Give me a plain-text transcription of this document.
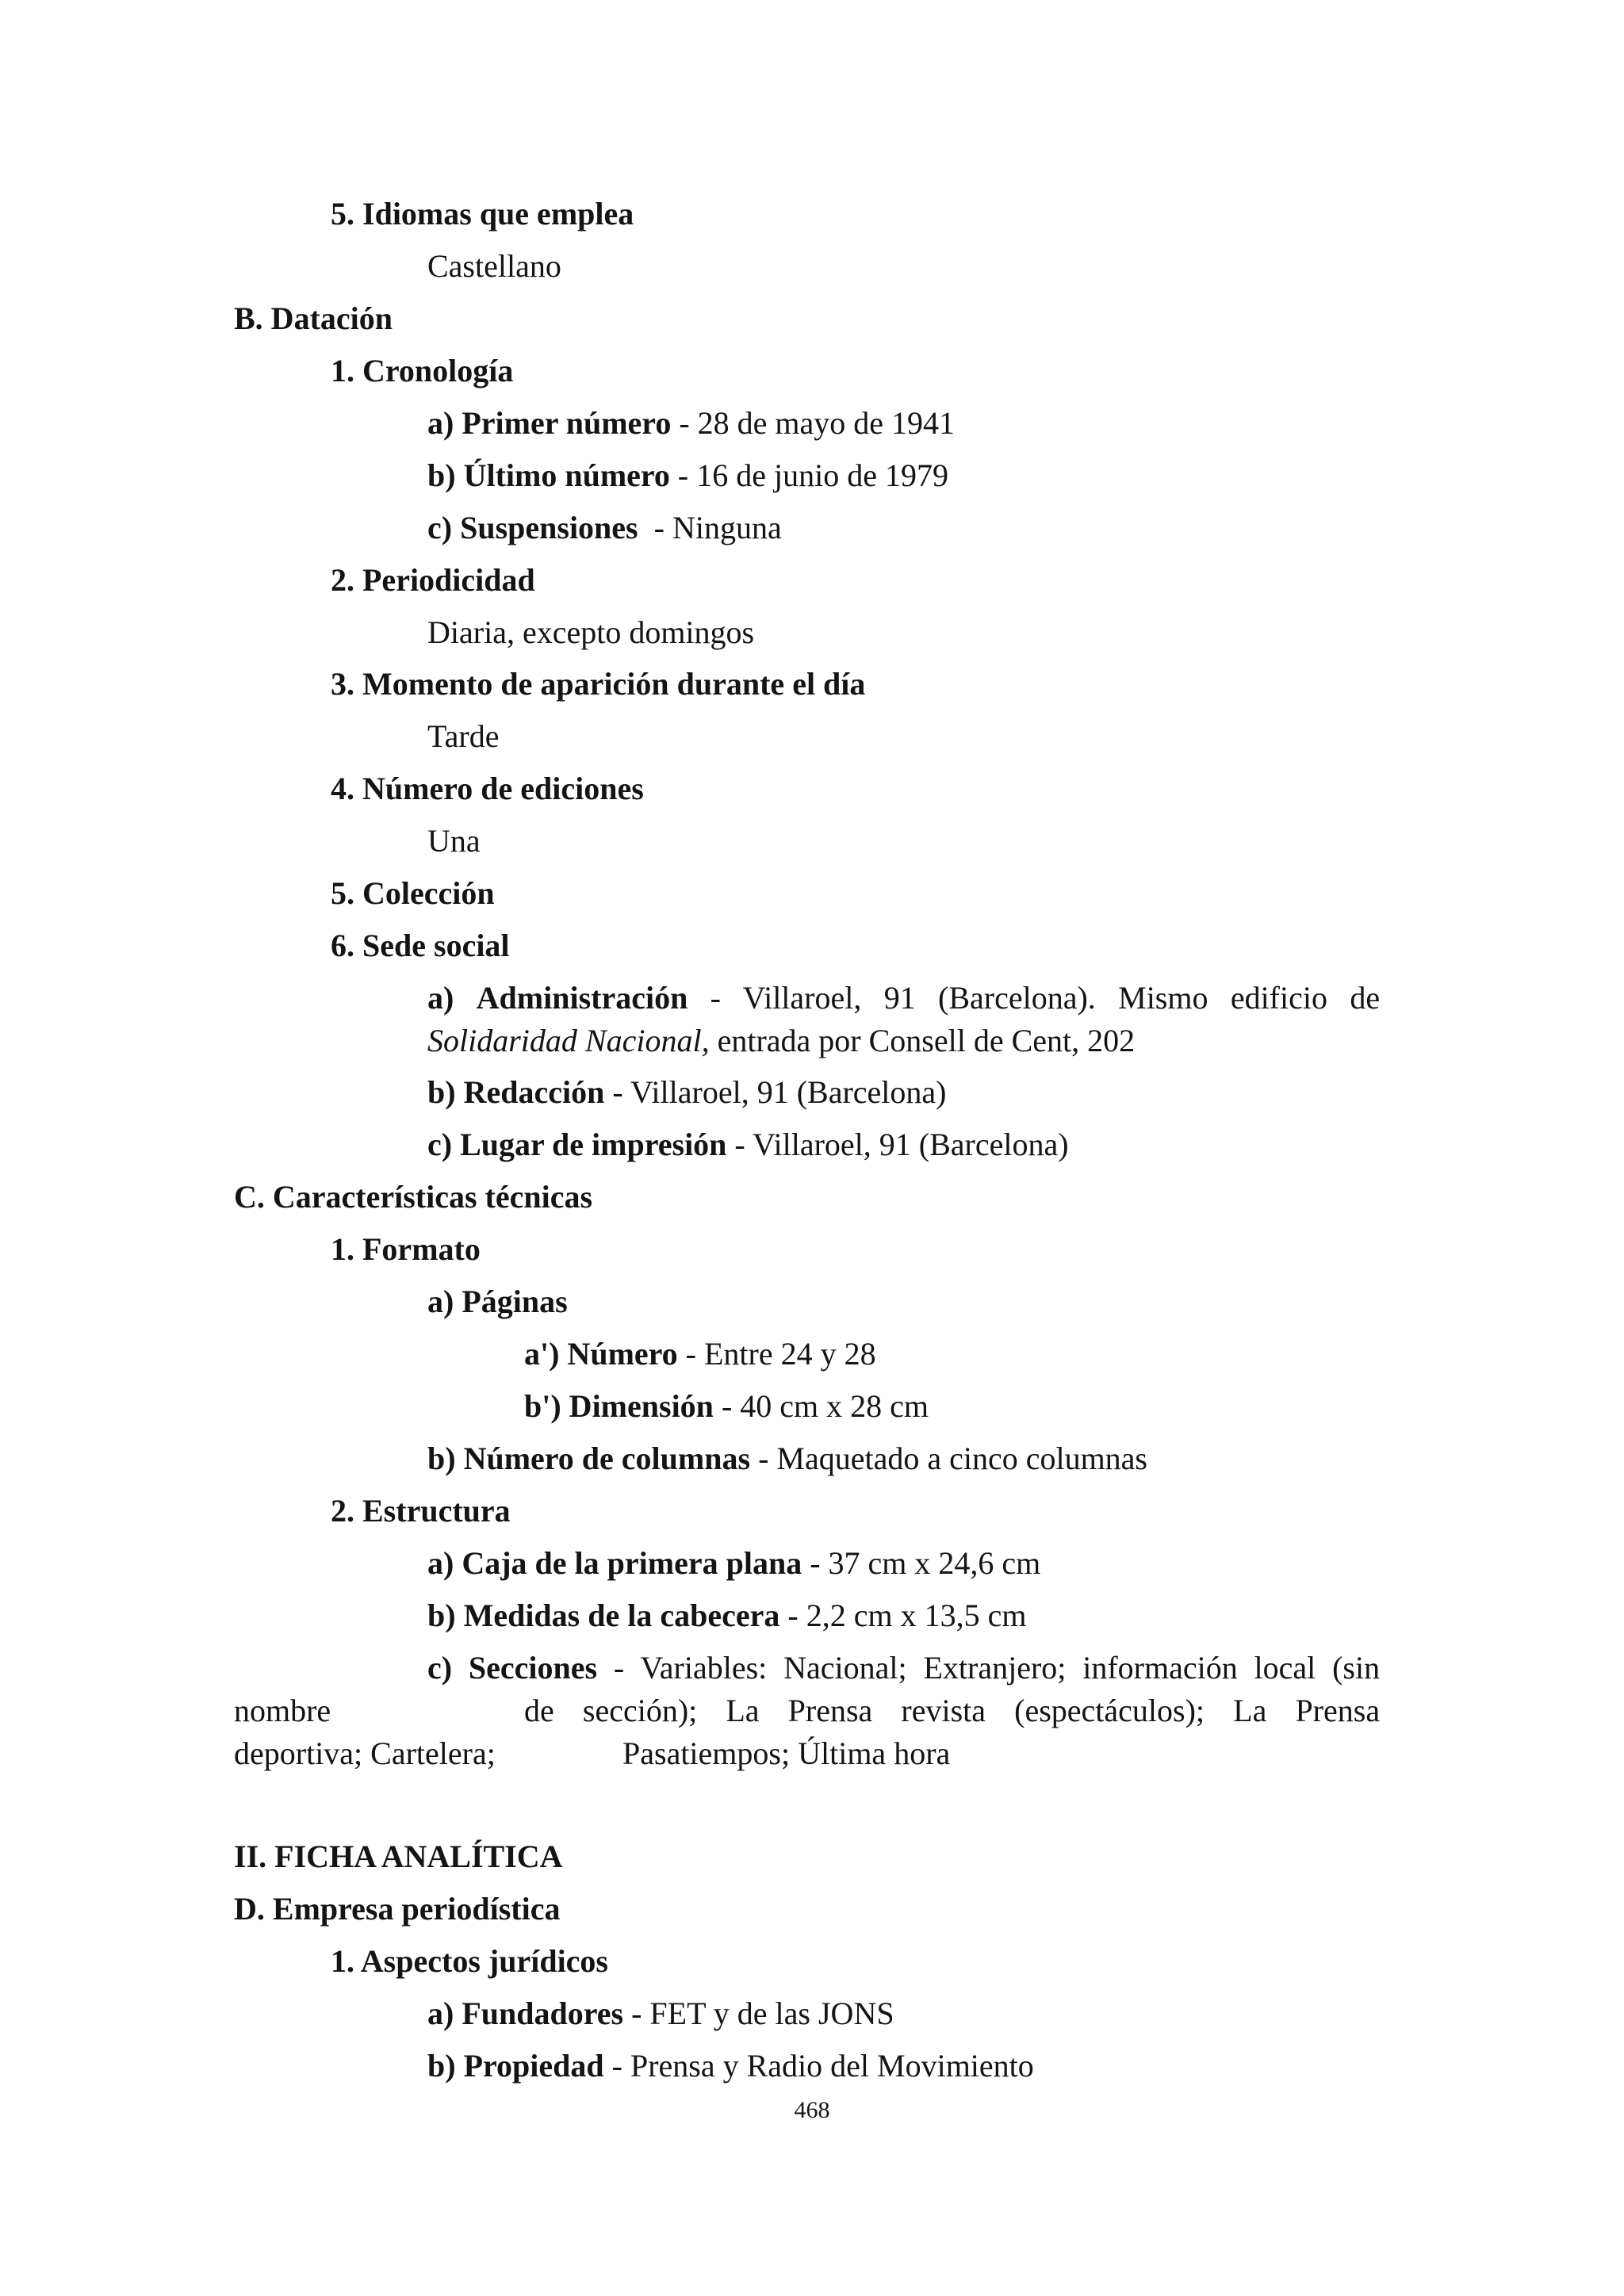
5. Idiomas que emplea
Castellano
B. Datación
1. Cronología
a) Primer número - 28 de mayo de 1941
b) Último número - 16 de junio de 1979
c) Suspensiones  - Ninguna
2. Periodicidad
Diaria, excepto domingos
3. Momento de aparición durante el día
Tarde
4. Número de ediciones
Una
5. Colección
6. Sede social
a) Administración - Villaroel, 91 (Barcelona). Mismo edificio de
Solidaridad Nacional, entrada por Consell de Cent, 202
b) Redacción - Villaroel, 91 (Barcelona)
c) Lugar de impresión - Villaroel, 91 (Barcelona)
C. Características técnicas
1. Formato
a) Páginas
a') Número - Entre 24 y 28
b') Dimensión - 40 cm x 28 cm
b) Número de columnas - Maquetado a cinco columnas
2. Estructura
a) Caja de la primera plana - 37 cm x 24,6 cm
b) Medidas de la cabecera - 2,2 cm x 13,5 cm
c) Secciones - Variables: Nacional; Extranjero; información local (sin
nombre	de sección); La Prensa revista (espectáculos); La Prensa
deportiva; Cartelera;	Pasatiempos; Última hora
II. FICHA ANALÍTICA
D. Empresa periodística
1. Aspectos jurídicos
a) Fundadores - FET y de las JONS
b) Propiedad - Prensa y Radio del Movimiento
468
